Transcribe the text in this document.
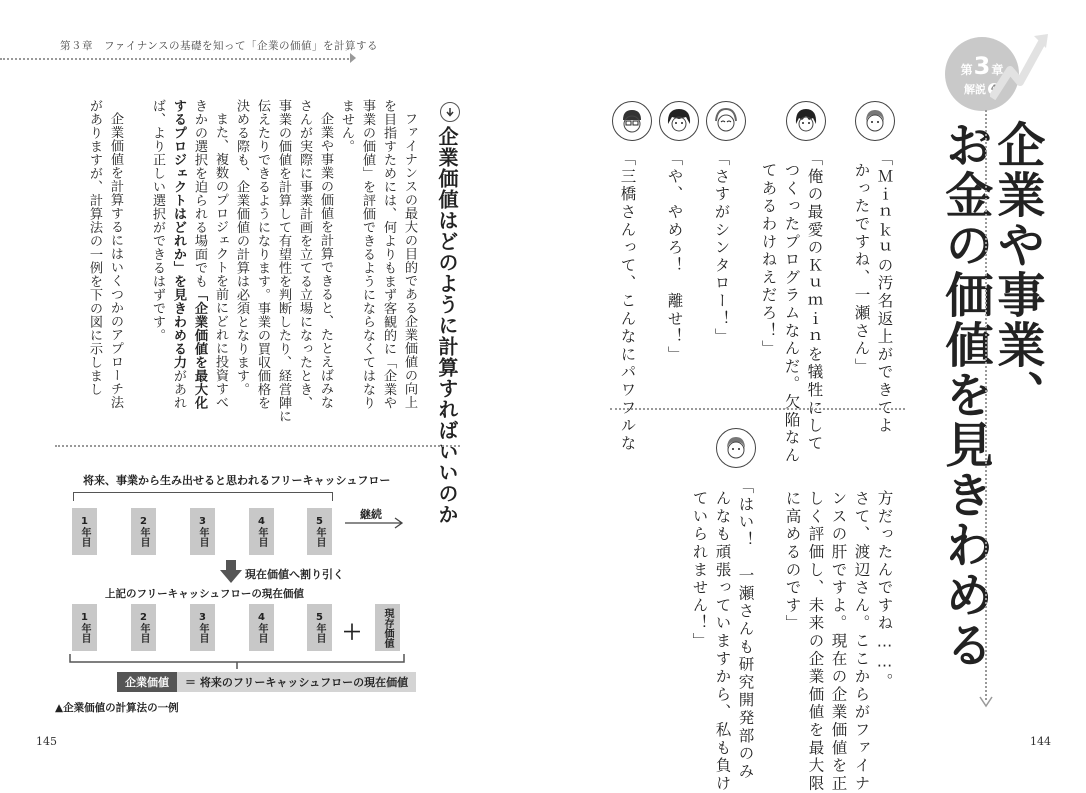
第３章　ファイナンスの基礎を知って「企業の価値」を計算する
ファイナンスの最大の目的である企業価値の向上
を目指すためには、何よりもまず客観的に「企業や
事業の価値」を評価できるようにならなくてはなり
ません。
企業や事業の価値を計算できると、たとえばみな
さんが実際に事業計画を立てる立場になったとき、
事業の価値を計算して有望性を判断したり、経営陣に
伝えたりできるようになります。事業の買収価格を
決める際も、企業価値の計算は必須となります。
また、複数のプロジェクトを前にどれに投資すべ
きかの選択を迫られる場面でも「企業価値を最大化
するプロジェクトはどれか」を見きわめる力があれ
ば、より正しい選択ができるはずです。
企業価値を計算するにはいくつかのアプローチ法
がありますが、計算法の一例を下の図に示しまし	企業価値はどのように計算すればいいのか
将来、事業から生み出せると思われるフリーキャッシュフロー
1年目	2年目	3年目	4年目	5年目
継続
現在価値へ割り引く
上記のフリーキャッシュフローの現在価値
1年目	2年目	3年目	4年目	5年目 ＋	現存価値
企業価値	＝ 将来のフリーキャッシュフローの現在価値
▲企業価値の計算法の一例
145
第 3 章
解説 4
企業や事業、
お金の価値を見きわめる
「Ｍｉｎｋｕの汚名返上ができてよ
かったですね、一瀬さん」
「俺の最愛のＫｕｍｉｎを犠牲にして
つくったプログラムなんだ。欠陥なん
てあるわけねえだろ！」
「さすがシンタロー！」
「や、やめろ！　離せ！」
「三橋さんって、こんなにパワフルな
方だったんですね……。
さて、渡辺さん。ここからがファイナ
ンスの肝ですよ。現在の企業価値を正
しく評価し、未来の企業価値を最大限
に高めるのです」
「はい！　一瀬さんも研究開発部のみ
んなも頑張っていますから、私も負け
ていられません！」
144
